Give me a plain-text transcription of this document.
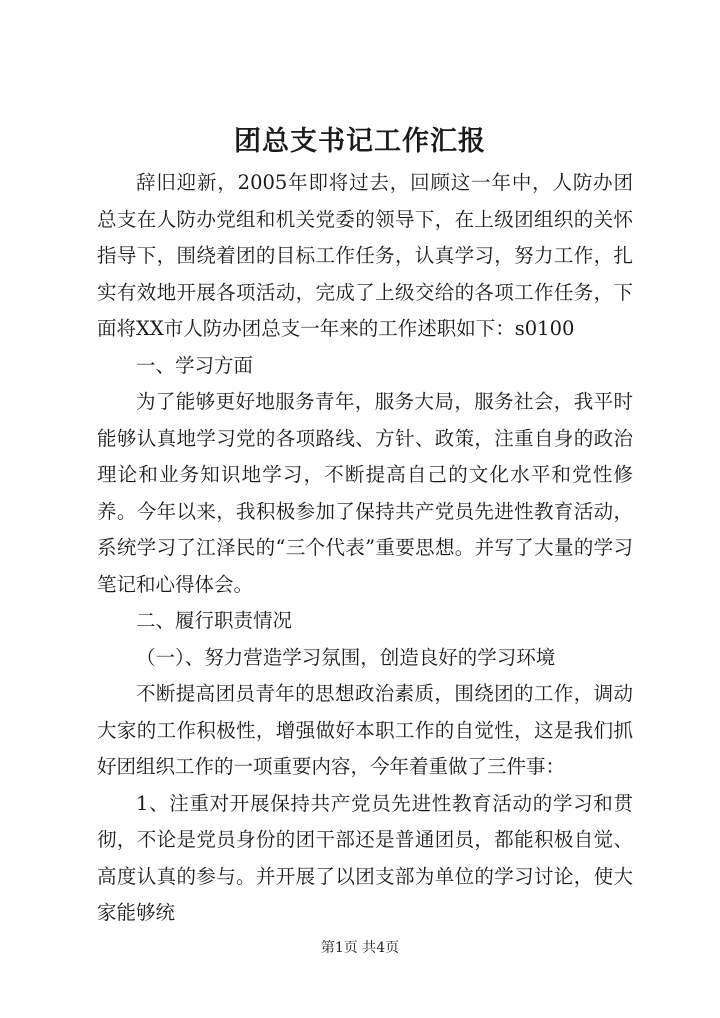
团总支书记工作汇报

辞旧迎新，2005年即将过去，回顾这一年中，人防办团总支在人防办党组和机关党委的领导下，在上级团组织的关怀指导下，围绕着团的目标工作任务，认真学习，努力工作，扎实有效地开展各项活动，完成了上级交给的各项工作任务，下面将XX市人防办团总支一年来的工作述职如下：s0100

一、学习方面

为了能够更好地服务青年，服务大局，服务社会，我平时能够认真地学习党的各项路线、方针、政策，注重自身的政治理论和业务知识地学习，不断提高自己的文化水平和党性修养。今年以来，我积极参加了保持共产党员先进性教育活动，系统学习了江泽民的“三个代表”重要思想。并写了大量的学习笔记和心得体会。

二、履行职责情况

（一）、努力营造学习氛围，创造良好的学习环境

不断提高团员青年的思想政治素质，围绕团的工作，调动大家的工作积极性，增强做好本职工作的自觉性，这是我们抓好团组织工作的一项重要内容，今年着重做了三件事：

1、注重对开展保持共产党员先进性教育活动的学习和贯彻，不论是党员身份的团干部还是普通团员，都能积极自觉、高度认真的参与。并开展了以团支部为单位的学习讨论，使大家能够统

第1页 共4页
